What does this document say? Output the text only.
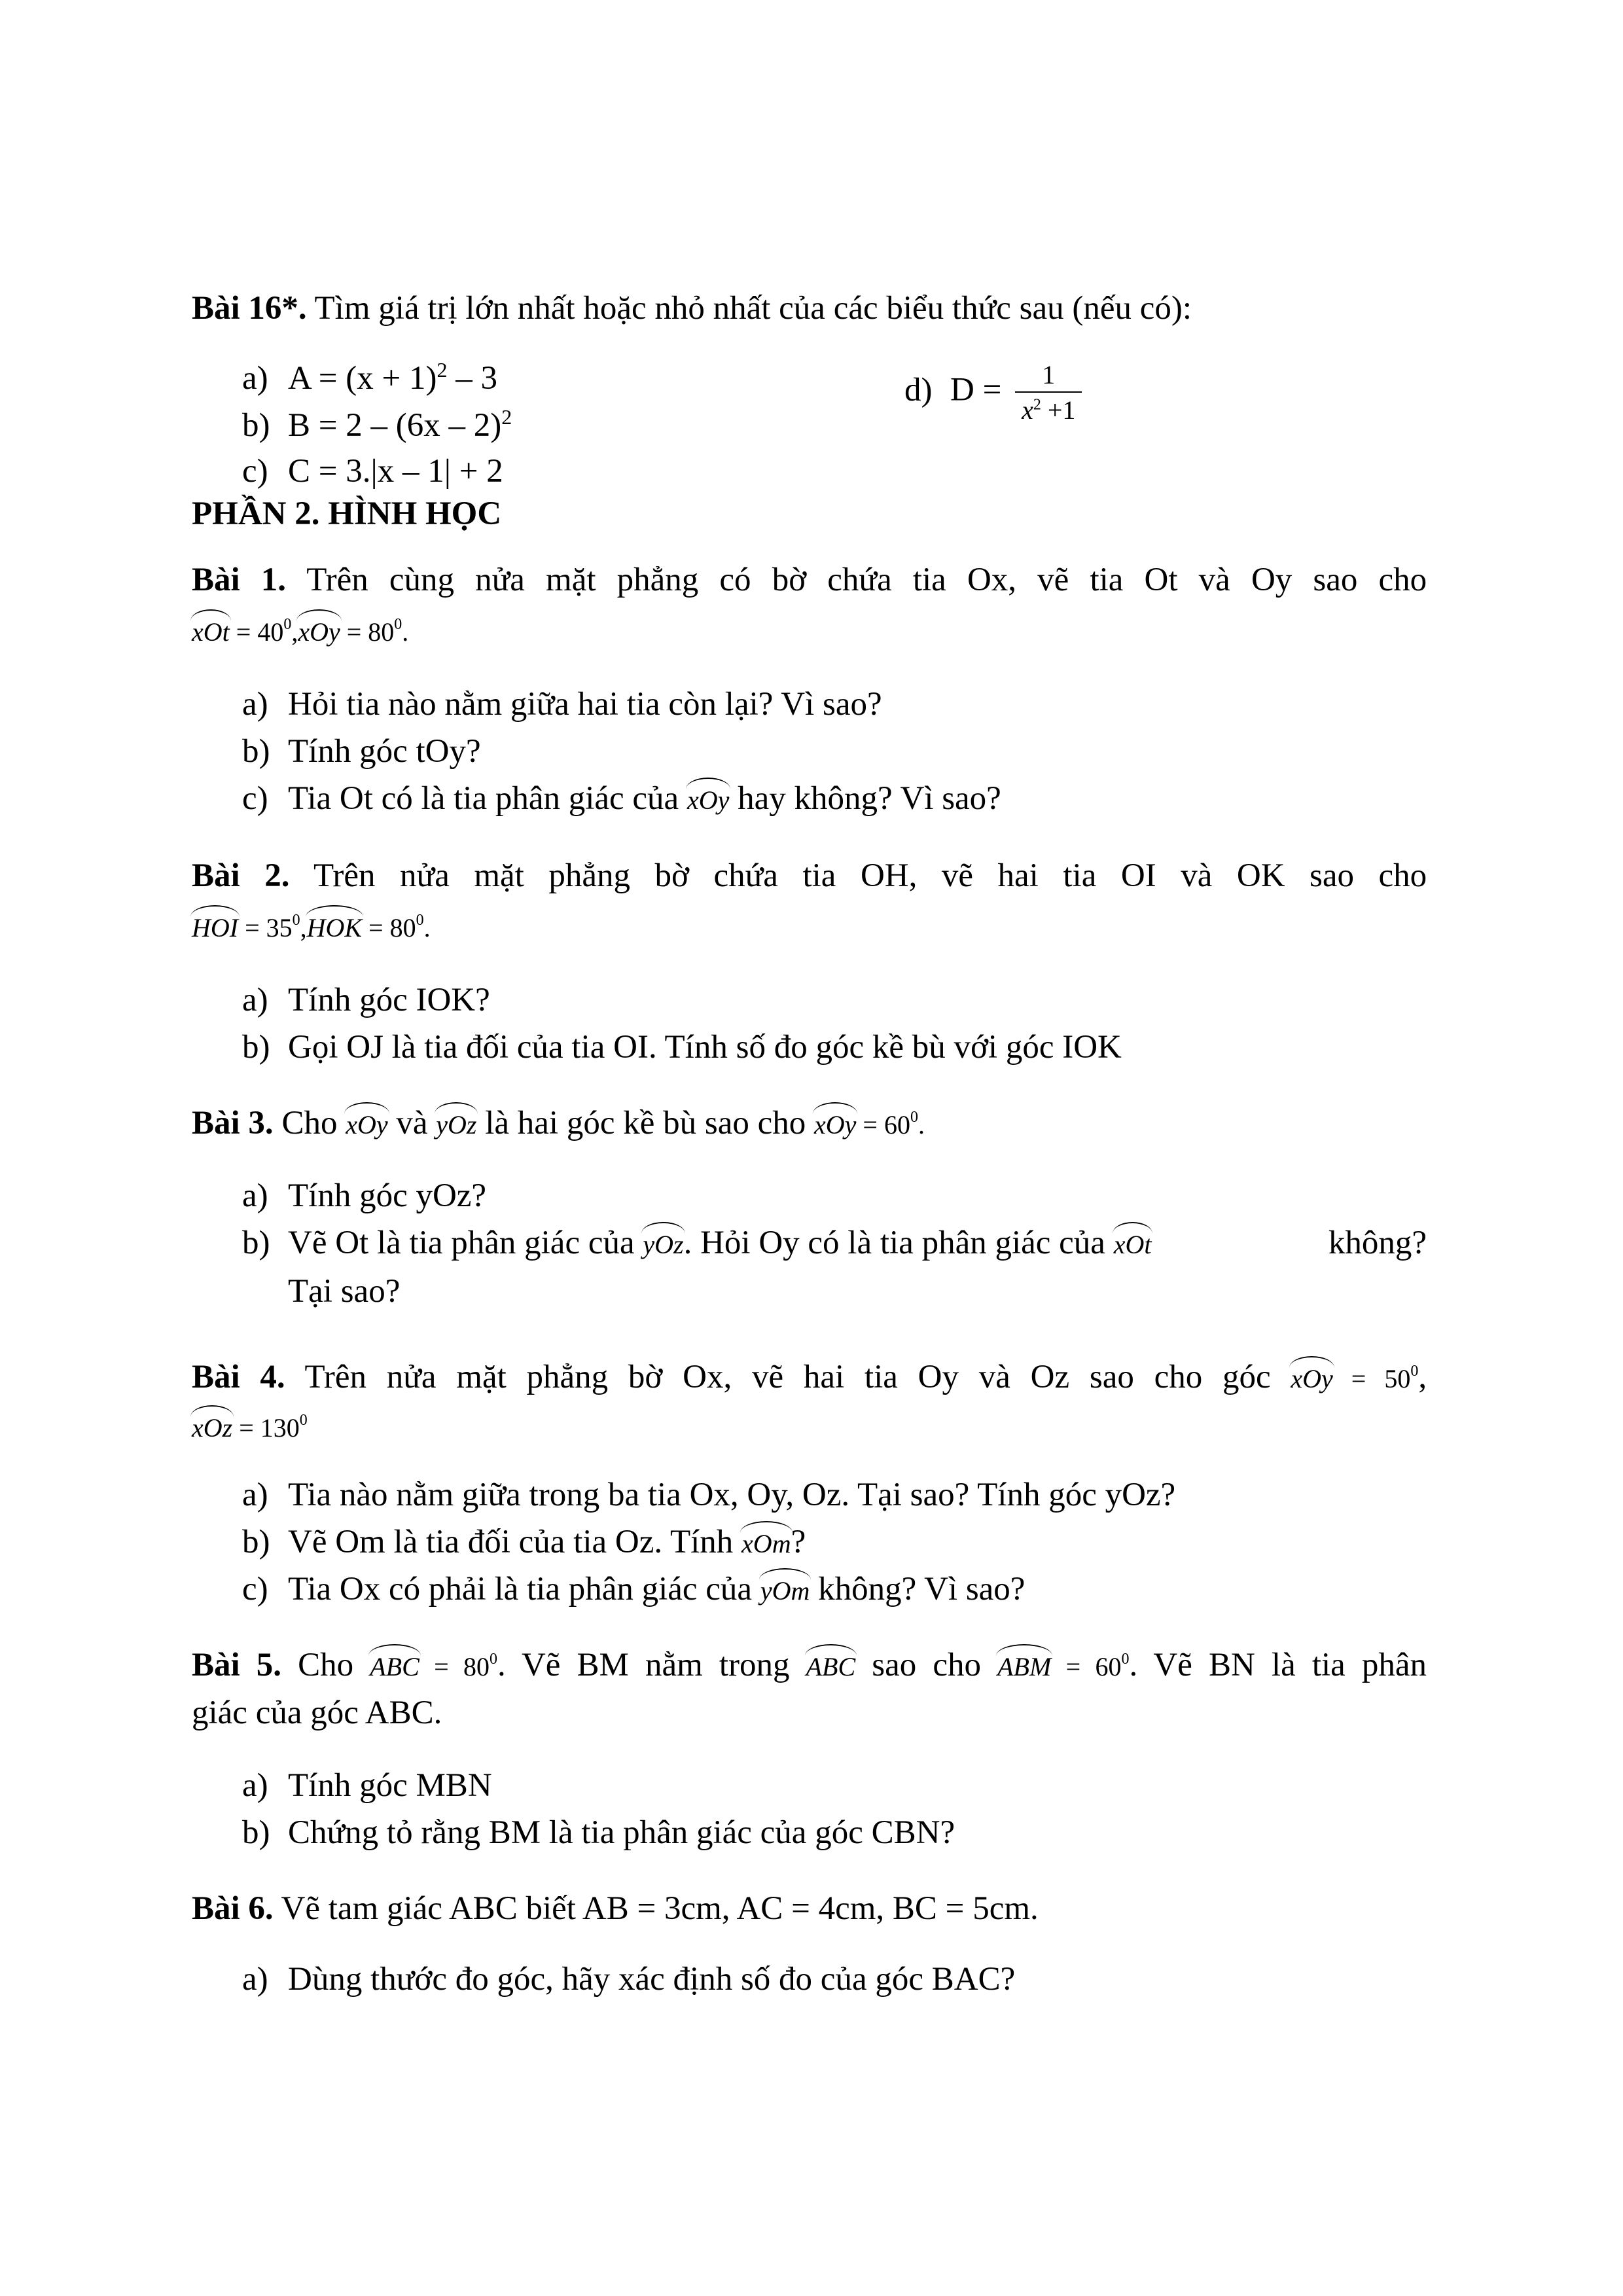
Bài 16*. Tìm giá trị lớn nhất hoặc nhỏ nhất của các biểu thức sau (nếu có):
a) $A = (x + 1)^2 - 3$
b) B = 2 – (6x – 2)$^2$
c) C = 3.|x – 1| + 2
d) $D = \frac{1}{x^2 +1}$
PHẦN 2. HÌNH HỌC
Bài 1. Trên cùng nửa mặt phẳng có bờ chứa tia Ox, vẽ tia Ot và Oy sao cho
xOt = $40^0$,
xOy = $80^0$.
a) Hỏi tia nào nằm giữa hai tia còn lại? Vì sao?
b) Tính góc tOy?
c) Tia Ot có là tia phân giác của xOy hay không? Vì sao?
Bài 2. Trên nửa mặt phẳng bờ chứa tia OH, vẽ hai tia OI và OK sao cho
HOI = $35^0$,
HOK = $80^0$.
a) Tính góc IOK?
b) Gọi OJ là tia đối của tia OI. Tính số đo góc kề bù với góc IOK
Bài 3. Cho xOy và yOz là hai góc kề bù sao cho xOy = $60^0$.
a) Tính góc yOz?
b) Vẽ Ot là tia phân giác của yOz. Hỏi Oy có là tia phân giác của xOt	không?
Tại sao?
Bài 4. Trên nửa mặt phẳng bờ Ox, vẽ hai tia Oy và Oz sao cho góc xOy = $50^0$,
xOz = $130^0$
a) Tia nào nằm giữa trong ba tia Ox, Oy, Oz. Tại sao? Tính góc yOz?
b) Vẽ Om là tia đối của tia Oz. Tính xOm?
c) Tia Ox có phải là tia phân giác của yOm không? Vì sao?
Bài 5. Cho ABC = $80^0$. Vẽ BM nằm trong ABC sao cho ABM = $60^0$. Vẽ BN là tia phân
giác của góc ABC.
a) Tính góc MBN
b) Chứng tỏ rằng BM là tia phân giác của góc CBN?
Bài 6. Vẽ tam giác ABC biết AB = 3cm, AC = 4cm, BC = 5cm.
a) Dùng thước đo góc, hãy xác định số đo của góc BAC?
